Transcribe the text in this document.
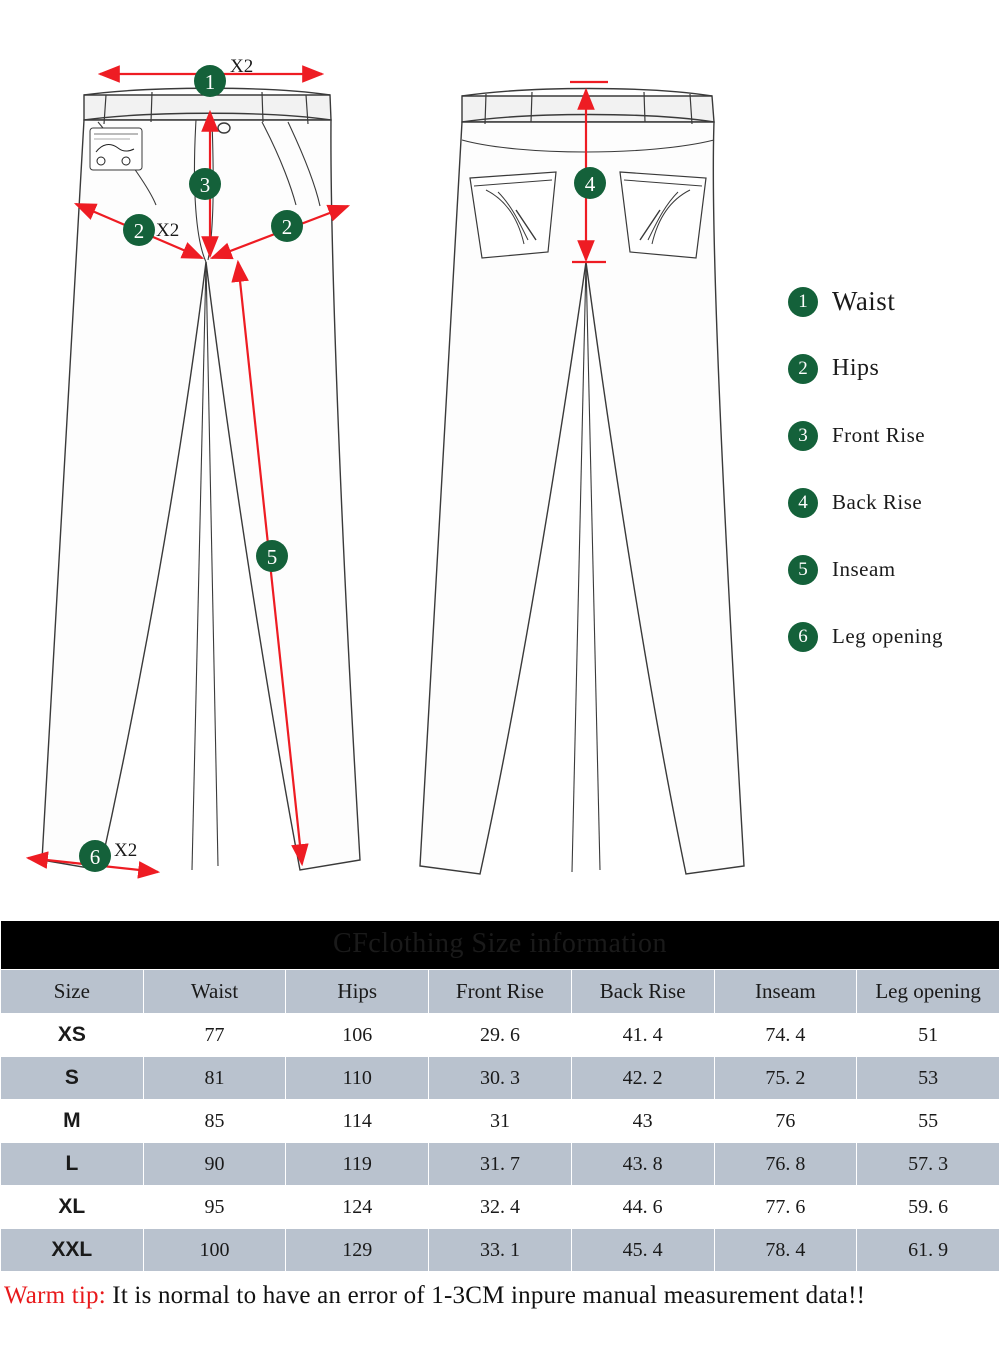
1
3
2	2
5
6
4
X2
X2
X2
1 Waist
2	Hips
3	Front Rise
4	Back Rise
5	Inseam
6	Leg opening
CFclothing Size information						
Size	Waist	Hips	Front Rise	Back Rise	Inseam	Leg opening
XS	77	106	29. 6	41. 4	74. 4	51
S	81	110	30. 3	42. 2	75. 2	53
M	85	114	31	43	76	55
L	90	119	31. 7	43. 8	76. 8	57. 3
XL	95	124	32. 4	44. 6	77. 6	59. 6
XXL	100	129	33. 1	45. 4	78. 4	61. 9
Warm tip: It is normal to have an error of 1-3CM inpure manual measurement data!!
